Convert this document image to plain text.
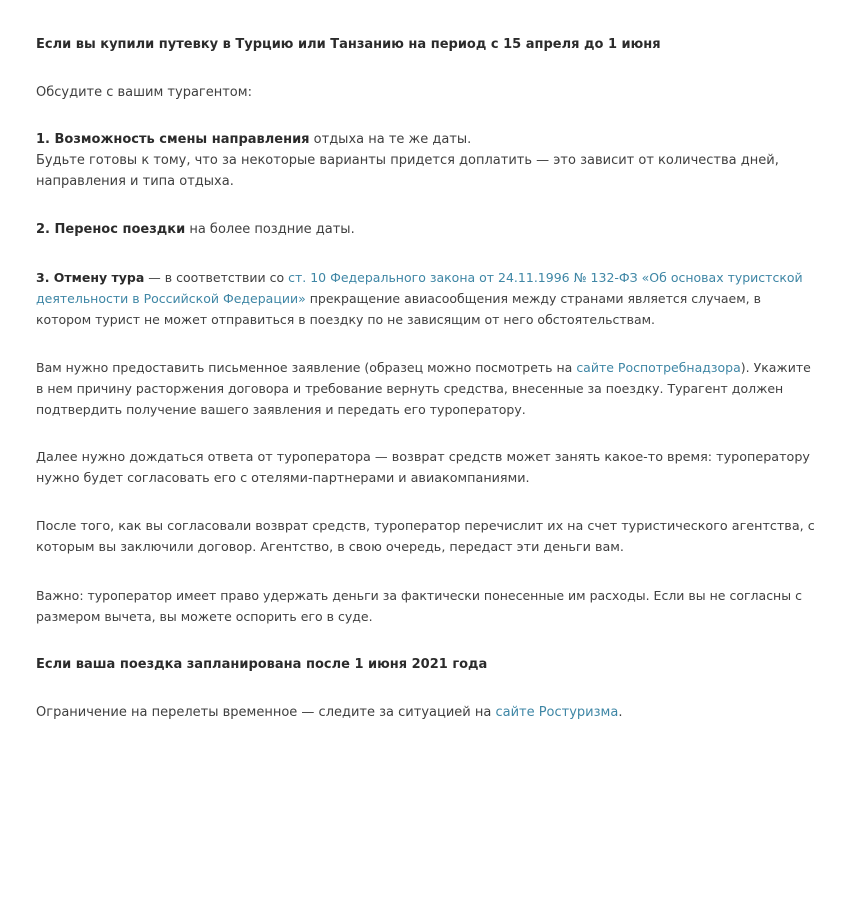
Если вы купили путевку в Турцию или Танзанию на период с 15 апреля до 1 июня

Обсудите с вашим турагентом:

1. Возможность смены направления отдыха на те же даты.
Будьте готовы к тому, что за некоторые варианты придется доплатить — это зависит от количества дней,
направления и типа отдыха.
2. Перенос поездки на более поздние даты.
3. Отмену тура — в соответствии со ст. 10 Федерального закона от 24.11.1996 № 132-ФЗ «Об основах туристской
деятельности в Российской Федерации» прекращение авиасообщения между странами является случаем, в
котором турист не может отправиться в поездку по не зависящим от него обстоятельствам.
Вам нужно предоставить письменное заявление (образец можно посмотреть на сайте Роспотребнадзора). Укажите
в нем причину расторжения договора и требование вернуть средства, внесенные за поездку. Турагент должен
подтвердить получение вашего заявления и передать его туроператору.
Далее нужно дождаться ответа от туроператора — возврат средств может занять какое-то время: туроператору
нужно будет согласовать его с отелями-партнерами и авиакомпаниями.
После того, как вы согласовали возврат средств, туроператор перечислит их на счет туристического агентства, с
которым вы заключили договор. Агентство, в свою очередь, передаст эти деньги вам.
Важно: туроператор имеет право удержать деньги за фактически понесенные им расходы. Если вы не согласны с
размером вычета, вы можете оспорить его в суде.

Если ваша поездка запланирована после 1 июня 2021 года

Ограничение на перелеты временное — следите за ситуацией на сайте Ростуризма.
